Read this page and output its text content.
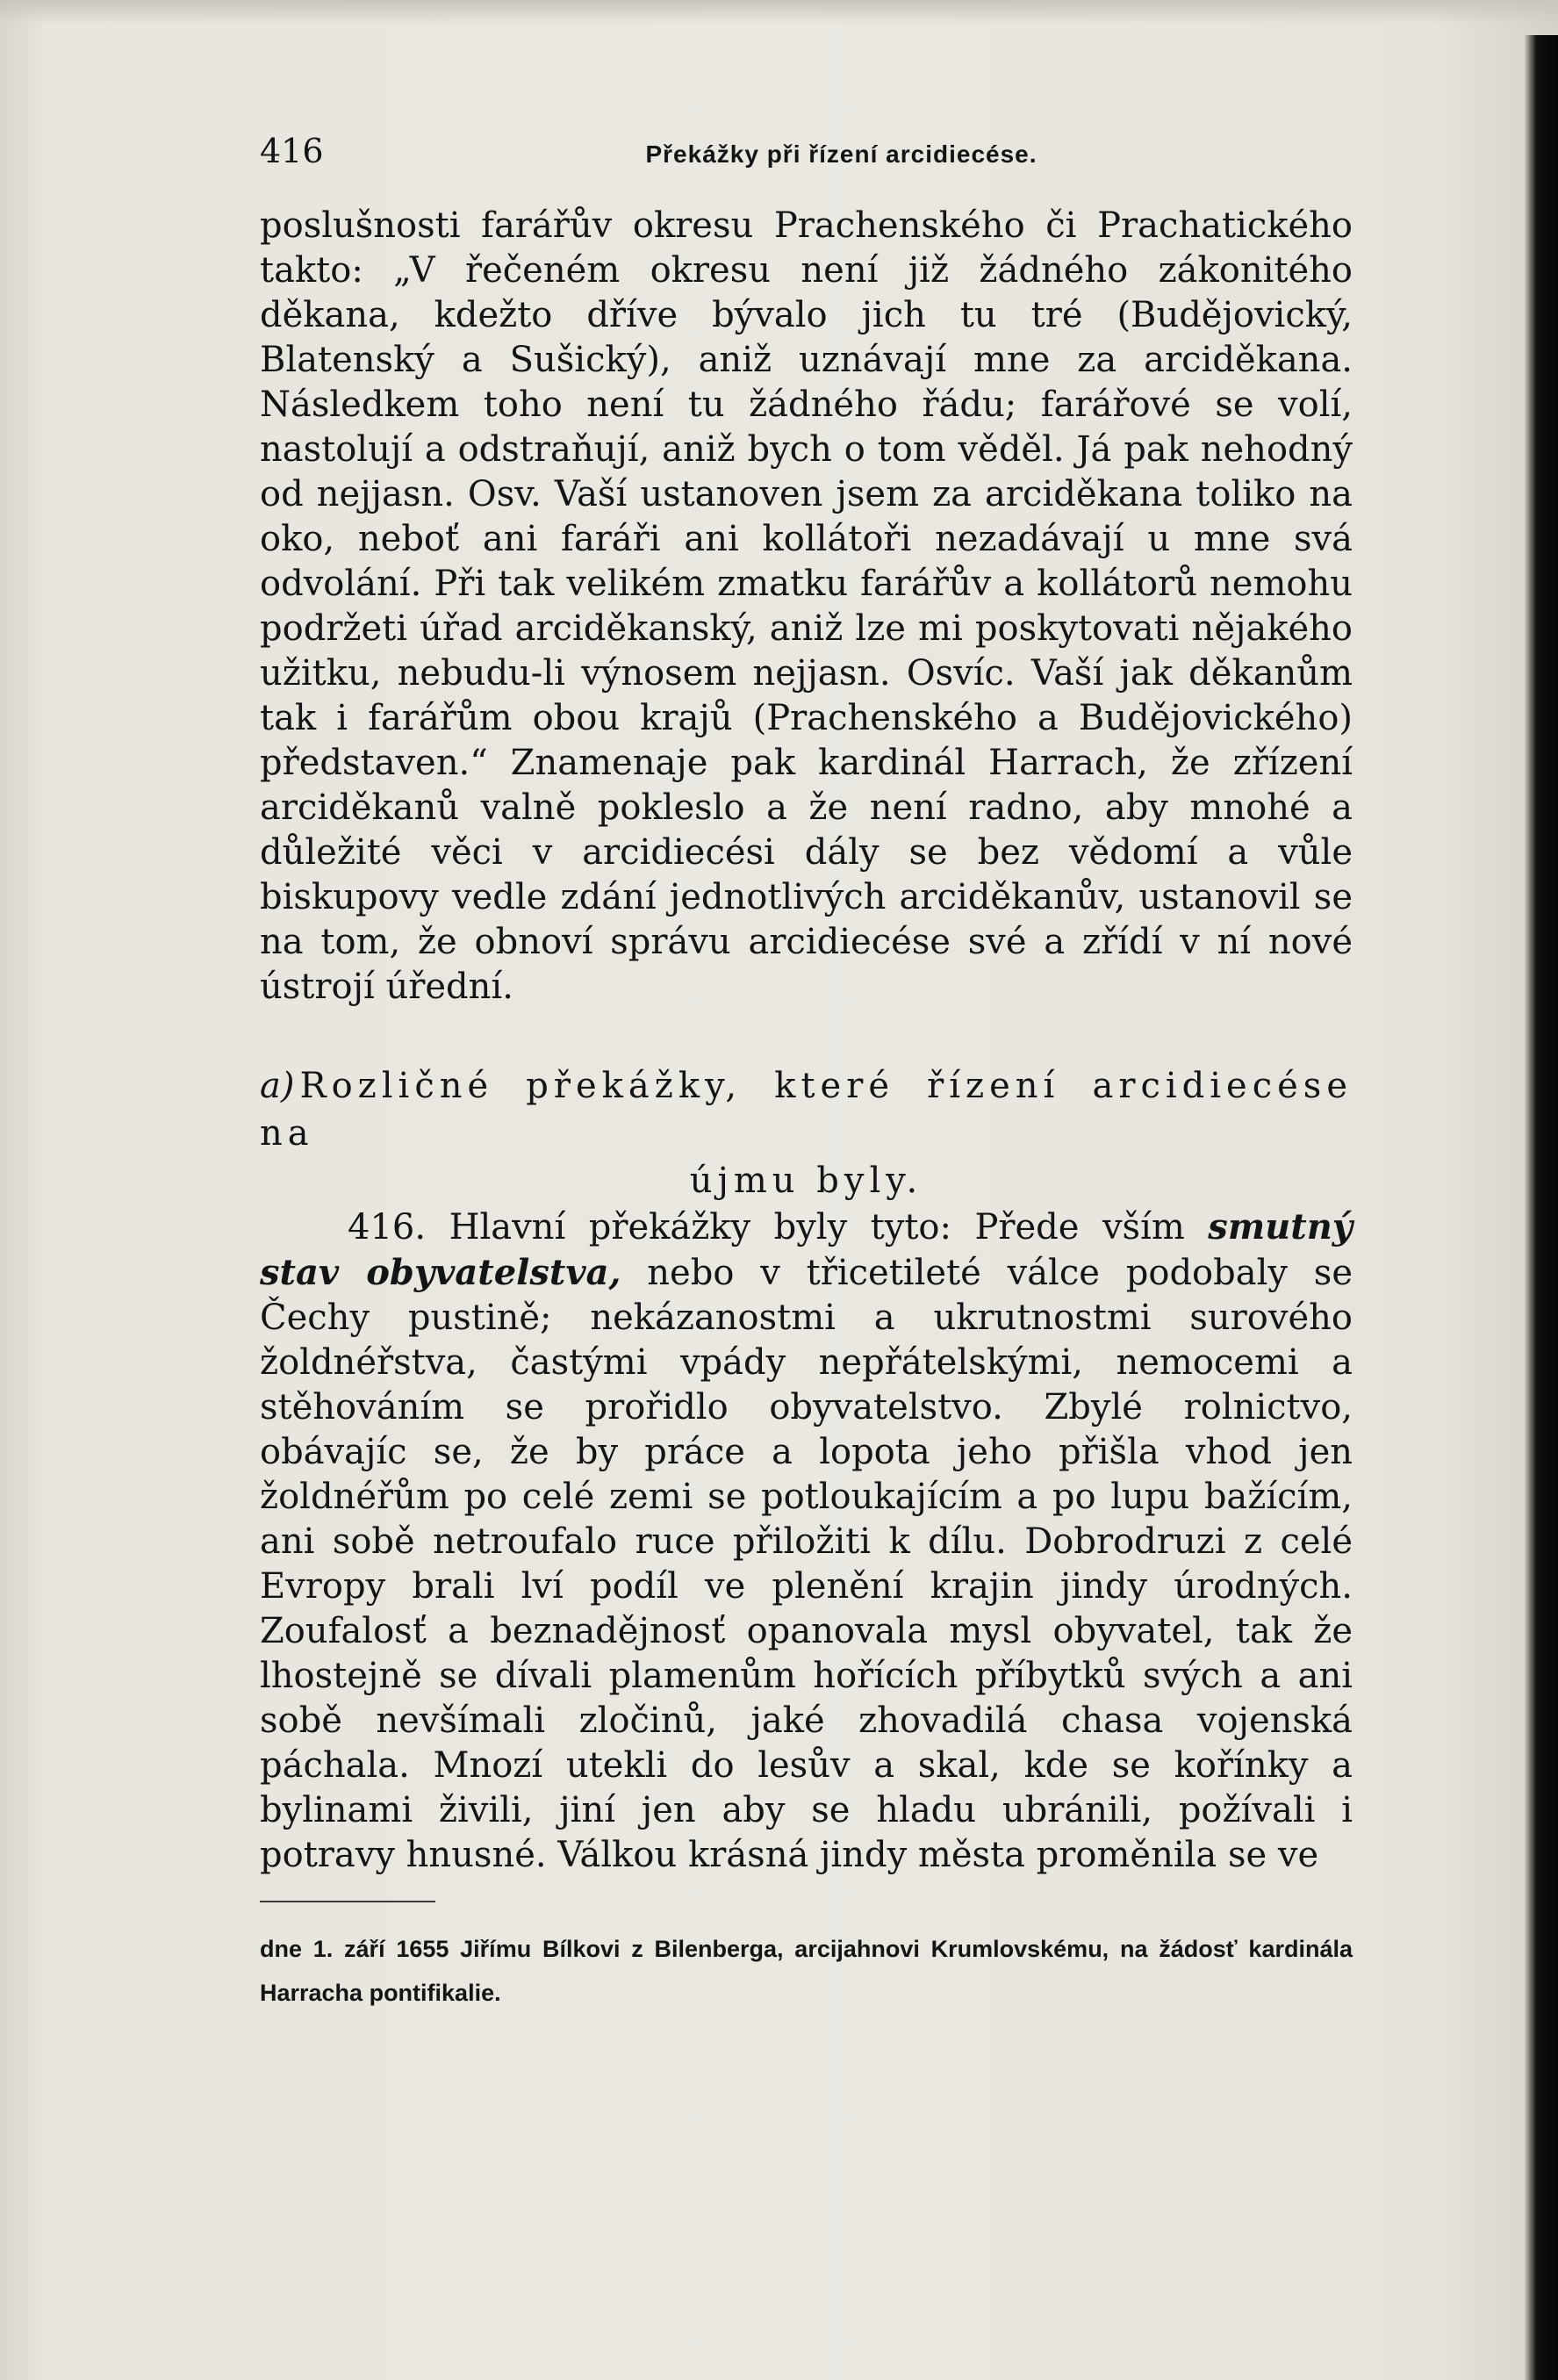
416	Překážky při řízení arcidiecése.

poslušnosti farářův okresu Prachenského či Prachatického takto: „V řečeném okresu není již žádného zákonitého děkana, kdežto dříve bývalo jich tu tré (Budějovický, Blatenský a Sušický), aniž uznávají mne za arciděkana. Následkem toho není tu žádného řádu; farářové se volí, nastolují a odstraňují, aniž bych o tom věděl. Já pak nehodný od nejjasn. Osv. Vaší ustanoven jsem za arciděkana toliko na oko, neboť ani faráři ani kollátoři nezadávají u mne svá odvolání. Při tak velikém zmatku farářův a kollátorů nemohu podržeti úřad arciděkanský, aniž lze mi poskytovati nějakého užitku, nebudu-li výnosem nejjasn. Osvíc. Vaší jak děkanům tak i farářům obou krajů (Prachenského a Budějovického) představen.“ Znamenaje pak kardinál Harrach, že zřízení arciděkanů valně pokleslo a že není radno, aby mnohé a důležité věci v arcidiecési dály se bez vědomí a vůle biskupovy vedle zdání jednotlivých arciděkanův, ustanovil se na tom, že obnoví správu arcidiecése své a zřídí v ní nové ústrojí úřední.

a) Rozličné překážky, které řízení arcidiecése na
újmu byly.

416. Hlavní překážky byly tyto: Přede vším smutný stav obyvatelstva, nebo v třicetileté válce podobaly se Čechy pustině; nekázanostmi a ukrutnostmi surového žoldnéřstva, častými vpády nepřátelskými, nemocemi a stěhováním se prořidlo obyvatelstvo. Zbylé rolnictvo, obávajíc se, že by práce a lopota jeho přišla vhod jen žoldnéřům po celé zemi se potloukajícím a po lupu bažícím, ani sobě netroufalo ruce přiložiti k dílu. Dobrodruzi z celé Evropy brali lví podíl ve plenění krajin jindy úrodných. Zoufalosť a beznadějnosť opanovala mysl obyvatel, tak že lhostejně se dívali plamenům hořících příbytků svých a ani sobě nevšímali zločinů, jaké zhovadilá chasa vojenská páchala. Mnozí utekli do lesův a skal, kde se kořínky a bylinami živili, jiní jen aby se hladu ubránili, požívali i potravy hnusné. Válkou krásná jindy města proměnila se ve

dne 1. září 1655 Jiřímu Bílkovi z Bilenberga, arcijahnovi Krumlovskému, na žádosť kardinála Harracha pontifikalie.
